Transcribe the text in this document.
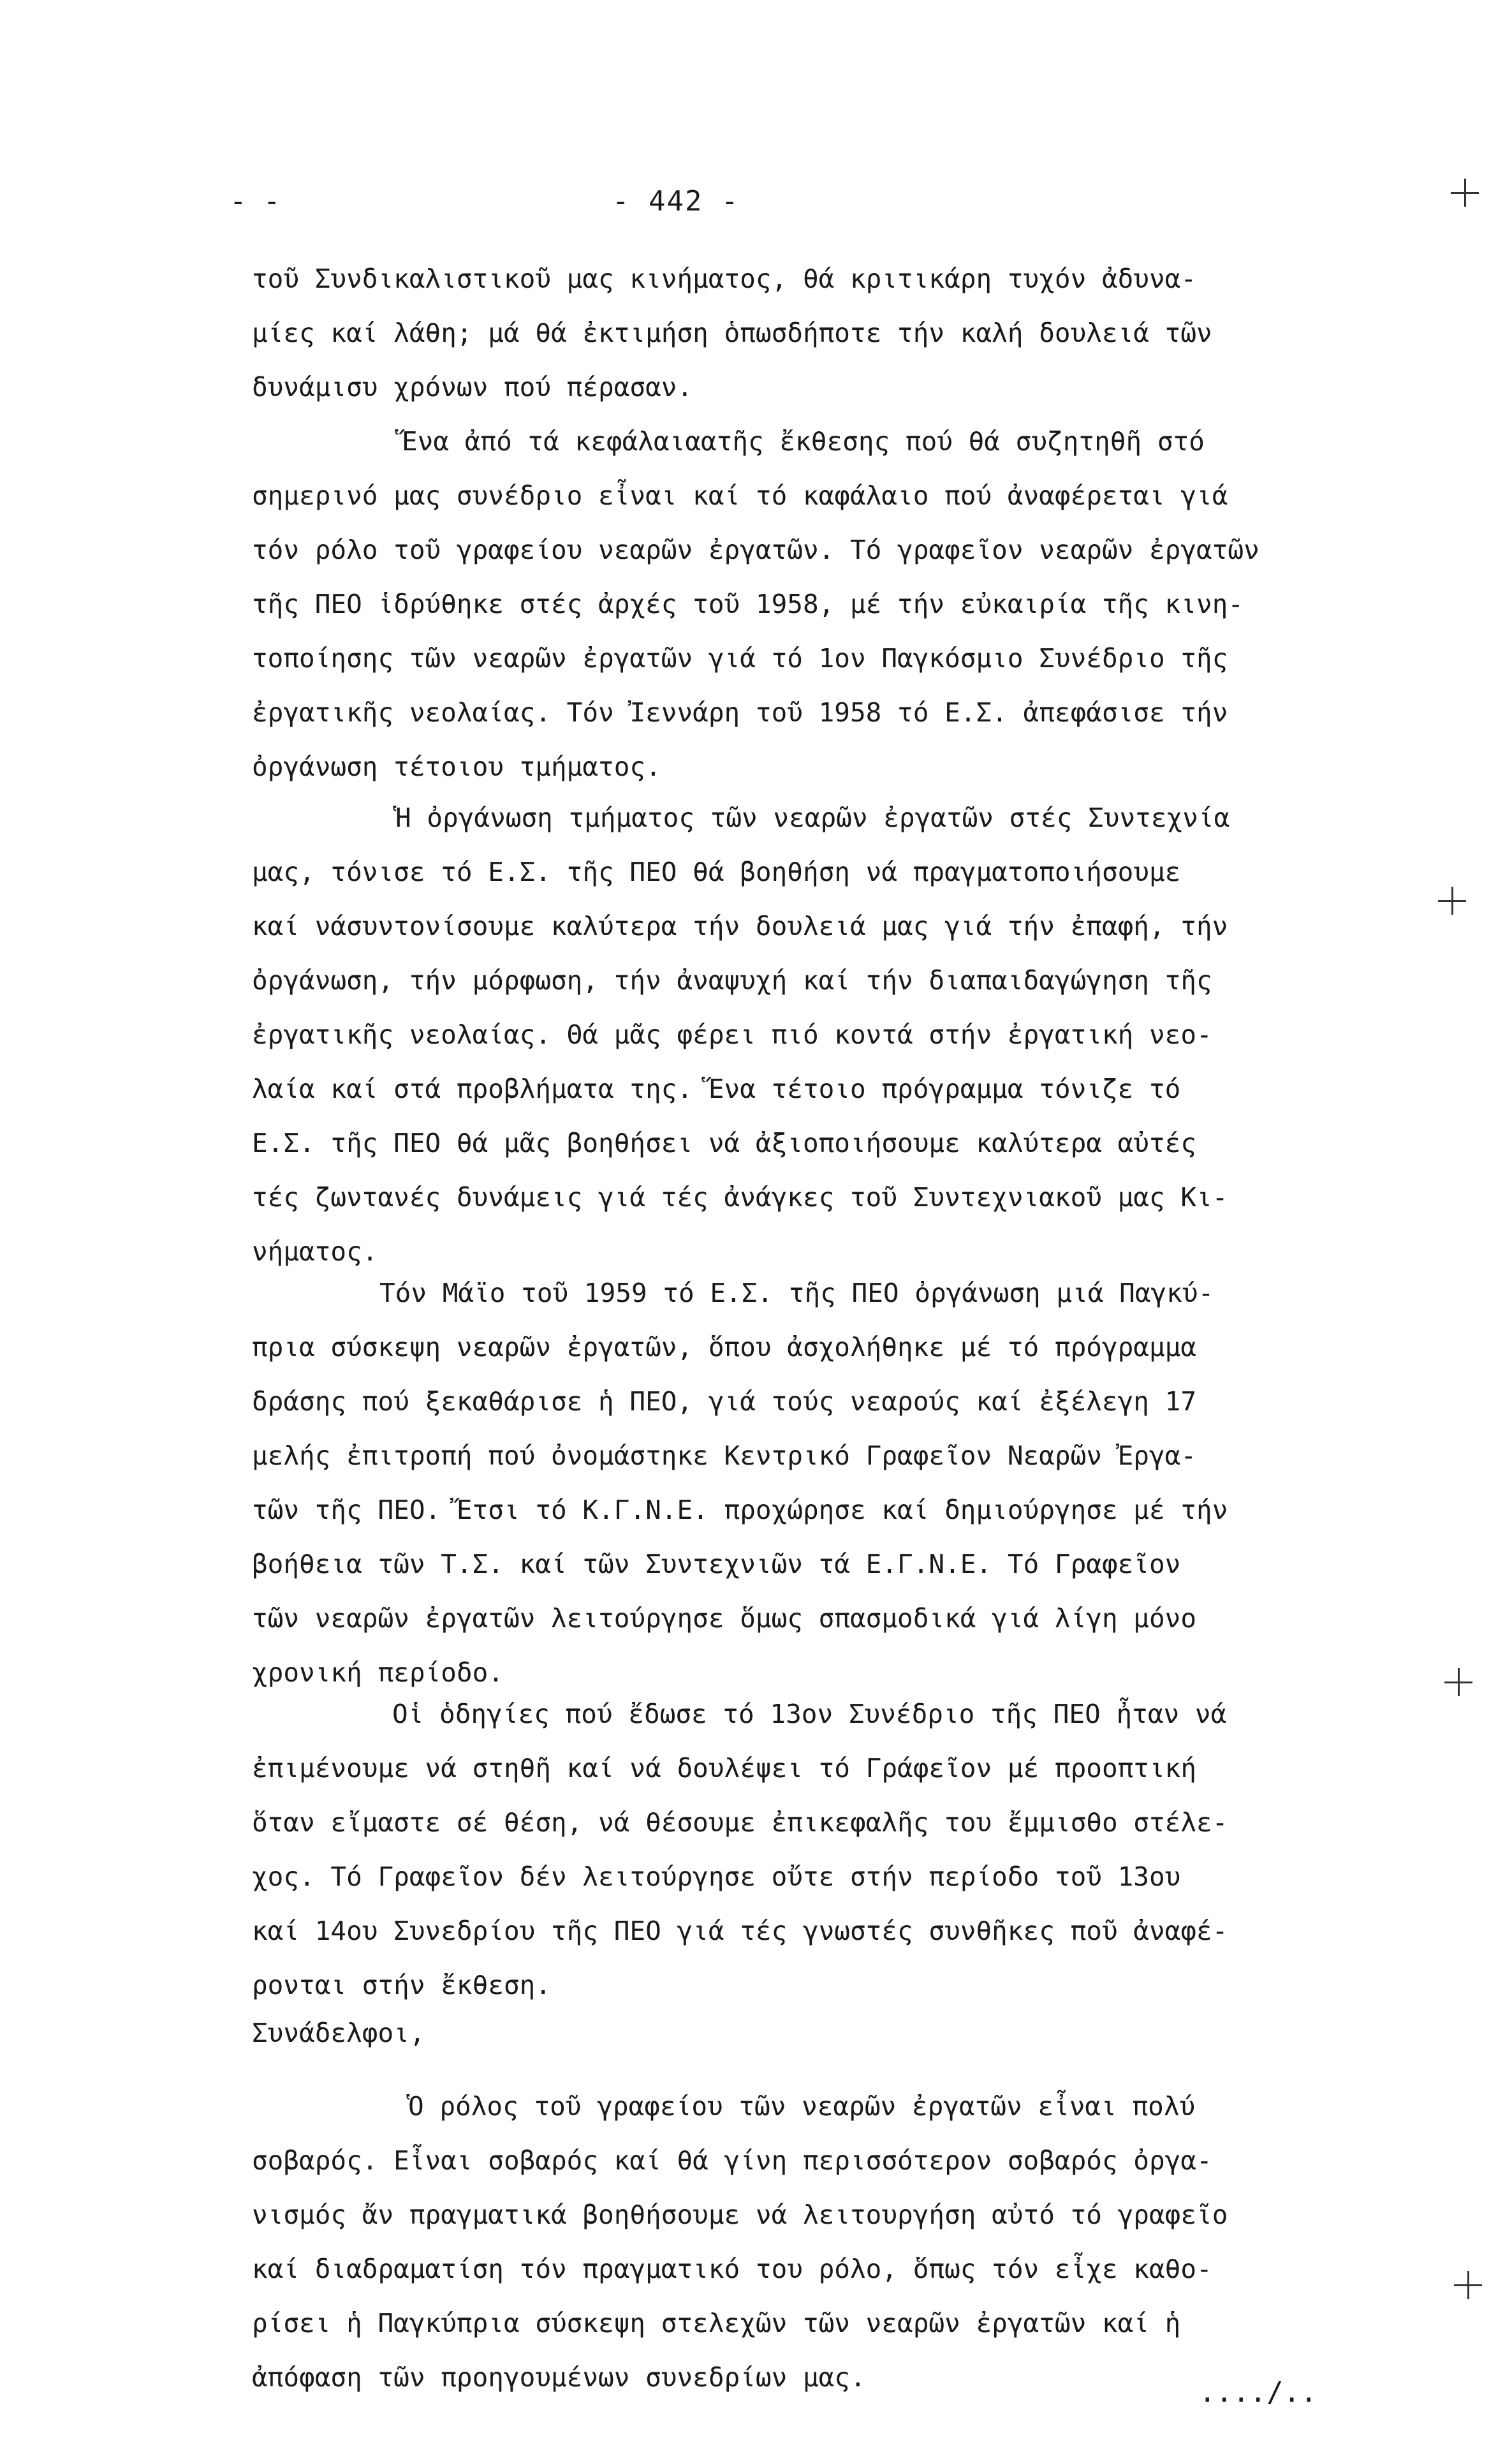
- -	- 442 -
τοῦ Συνδικαλιστικοῦ μας κινήματος, θά κριτικάρη τυχόν ἀδυνα-
μίες καί λάθη; μά θά ἐκτιμήση ὁπωσδήποτε τήν καλή δουλειά τῶν
δυνάμισυ χρόνων πού πέρασαν.
Ἕνα ἀπό τά κεφάλαιαατῆς ἔκθεσης πού θά συζητηθῆ στό
σημερινό μας συνέδριο εἶναι καί τό καφάλαιο πού ἀναφέρεται γιά
τόν ρόλο τοῦ γραφείου νεαρῶν ἐργατῶν. Τό γραφεῖον νεαρῶν ἐργατῶν
τῆς ΠΕΟ ἱδρύθηκε στές ἀρχές τοῦ 1958, μέ τήν εὐκαιρία τῆς κινη-
τοποίησης τῶν νεαρῶν ἐργατῶν γιά τό 1ον Παγκόσμιο Συνέδριο τῆς
ἐργατικῆς νεολαίας. Τόν Ἰεννάρη τοῦ 1958 τό Ε.Σ. ἀπεφάσισε τήν
ὀργάνωση τέτοιου τμήματος.
Ἡ ὀργάνωση τμήματος τῶν νεαρῶν ἐργατῶν στές Συντεχνία
μας, τόνισε τό Ε.Σ. τῆς ΠΕΟ θά βοηθήση νά πραγματοποιήσουμε
καί νάσυντονίσουμε καλύτερα τήν δουλειά μας γιά τήν ἐπαφή, τήν
ὀργάνωση, τήν μόρφωση, τήν ἀναψυχή καί τήν διαπαιδαγώγηση τῆς
ἐργατικῆς νεολαίας. Θά μᾶς φέρει πιό κοντά στήν ἐργατική νεο-
λαία καί στά προβλήματα της. Ἕνα τέτοιο πρόγραμμα τόνιζε τό
Ε.Σ. τῆς ΠΕΟ θά μᾶς βοηθήσει νά ἀξιοποιήσουμε καλύτερα αὐτές
τές ζωντανές δυνάμεις γιά τές ἀνάγκες τοῦ Συντεχνιακοῦ μας Κι-
νήματος.
Τόν Μάϊο τοῦ 1959 τό Ε.Σ. τῆς ΠΕΟ ὀργάνωση μιά Παγκύ-
πρια σύσκεψη νεαρῶν ἐργατῶν, ὅπου ἀσχολήθηκε μέ τό πρόγραμμα
δράσης πού ξεκαθάρισε ἡ ΠΕΟ, γιά τούς νεαρούς καί ἐξέλεγη 17
μελής ἐπιτροπή πού ὀνομάστηκε Κεντρικό Γραφεῖον Νεαρῶν Ἐργα-
τῶν τῆς ΠΕΟ. Ἔτσι τό Κ.Γ.Ν.Ε. προχώρησε καί δημιούργησε μέ τήν
βοήθεια τῶν Τ.Σ. καί τῶν Συντεχνιῶν τά Ε.Γ.Ν.Ε. Τό Γραφεῖον
τῶν νεαρῶν ἐργατῶν λειτούργησε ὅμως σπασμοδικά γιά λίγη μόνο
χρονική περίοδο.
Οἱ ὁδηγίες πού ἔδωσε τό 13ον Συνέδριο τῆς ΠΕΟ ἦταν νά
ἐπιμένουμε νά στηθῆ καί νά δουλέψει τό Γράφεῖον μέ προοπτική
ὅταν εἴμαστε σέ θέση, νά θέσουμε ἐπικεφαλῆς του ἔμμισθο στέλε-
χος. Τό Γραφεῖον δέν λειτούργησε οὔτε στήν περίοδο τοῦ 13ου
καί 14ου Συνεδρίου τῆς ΠΕΟ γιά τές γνωστές συνθῆκες ποῦ ἀναφέ-
ρονται στήν ἔκθεση.
Συνάδελφοι,
Ὁ ρόλος τοῦ γραφείου τῶν νεαρῶν ἐργατῶν εἶναι πολύ
σοβαρός. Εἶναι σοβαρός καί θά γίνη περισσότερον σοβαρός ὀργα-
νισμός ἄν πραγματικά βοηθήσουμε νά λειτουργήση αὐτό τό γραφεῖο
καί διαδραματίση τόν πραγματικό του ρόλο, ὅπως τόν εἶχε καθο-
ρίσει ἡ Παγκύπρια σύσκεψη στελεχῶν τῶν νεαρῶν ἐργατῶν καί ἡ
ἀπόφαση τῶν προηγουμένων συνεδρίων μας.	..../..
